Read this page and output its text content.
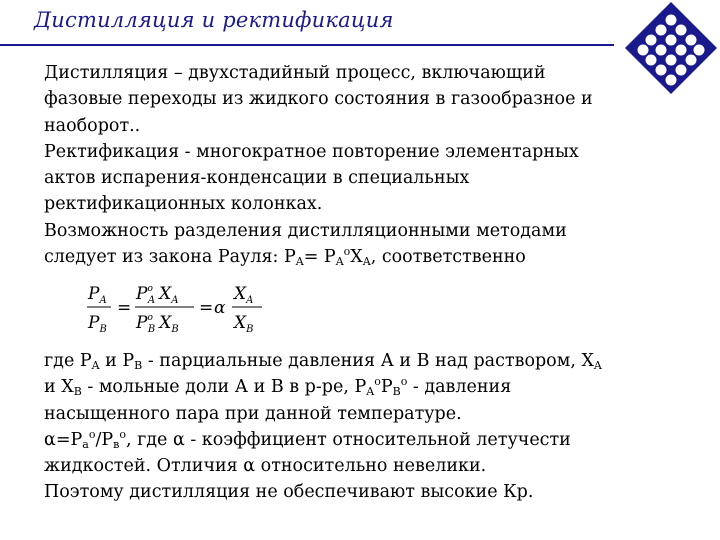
Дистилляция и ректификация
Дистилляция – двухстадийный процесс, включающий
фазовые переходы из жидкого состояния в газообразное и
наоборот..
Ректификация - многократное повторение элементарных
актов испарения-конденсации в специальных
ректификационных колонках.
Возможность разделения дистилляционными методами
следует из закона Рауля: $P_A= P_A^oX_A$, соответственно
$P_A$
$P_B$
=
$P^o$ A $X_A$
$P^o$ B $X_B$
= α
$X_A$
$X_B$
где $P_A$ и $P_B$ - парциальные давления А и В над раствором, $X_A$
и $X_B$ - мольные доли А и В в р-ре, $P_A^oP_B^o$ - давления
насыщенного пара при данной температуре.
$\alpha=P_a^o/P_в^o$, где α - коэффициент относительной летучести
жидкостей. Отличия α относительно невелики.
Поэтому дистилляция не обеспечивают высокие Кр.
